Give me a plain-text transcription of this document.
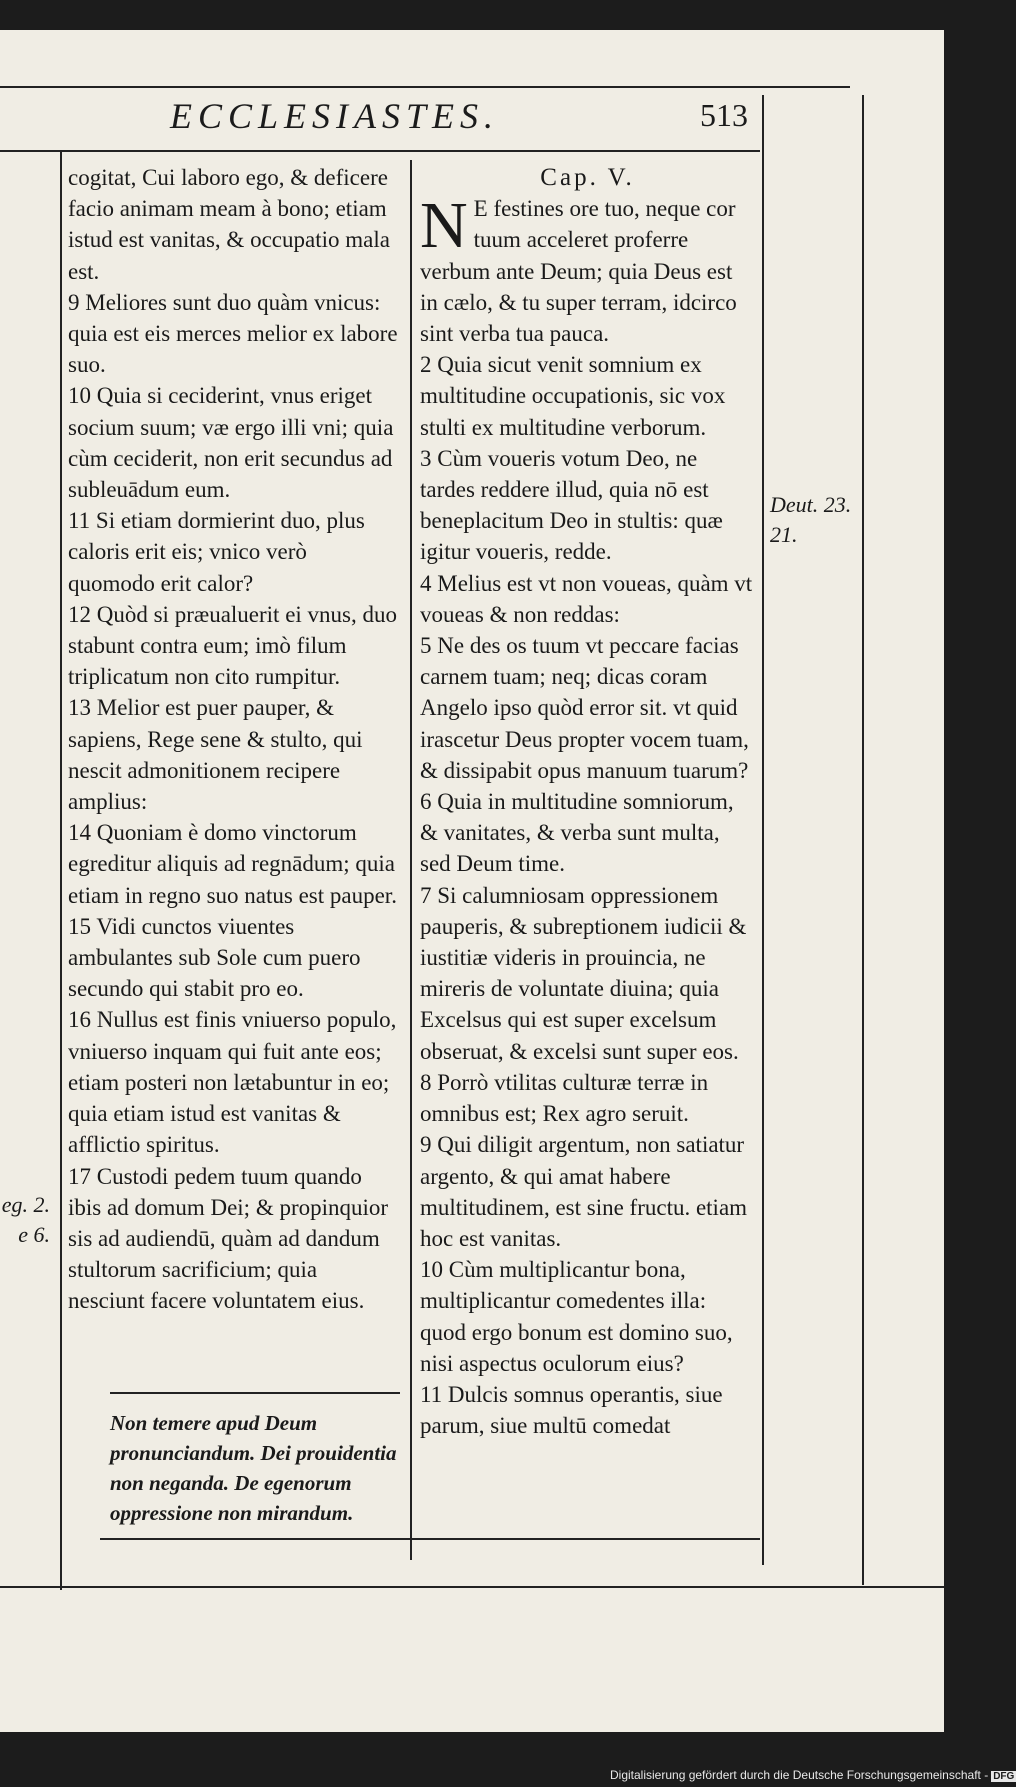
ECCLESIASTES.	513

cogitat, Cui laboro ego, & deficere facio animam meam à bono; etiam istud est vanitas, & occupatio mala est.

9 Meliores sunt duo quàm vnicus: quia est eis merces melior ex labore suo.

10 Quia si ceciderint, vnus eriget socium suum; væ ergo illi vni; quia cùm ceciderit, non erit secundus ad subleuādum eum.

11 Si etiam dormierint duo, plus caloris erit eis; vnico verò quomodo erit calor?

12 Quòd si præualuerit ei vnus, duo stabunt contra eum; imò filum triplicatum non cito rumpitur.

13 Melior est puer pauper, & sapiens, Rege sene & stulto, qui nescit admonitionem recipere amplius:

14 Quoniam è domo vinctorum egreditur aliquis ad regnādum; quia etiam in regno suo natus est pauper.

15 Vidi cunctos viuentes ambulantes sub Sole cum puero secundo qui stabit pro eo.

16 Nullus est finis vniuerso populo, vniuerso inquam qui fuit ante eos; etiam posteri non lætabuntur in eo; quia etiam istud est vanitas & afflictio spiritus.

17 Custodi pedem tuum quando ibis ad domum Dei; & propinquior sis ad audiendū, quàm ad dandum stultorum sacrificium; quia nesciunt facere voluntatem eius.

Non temere apud Deum pronunciandum. Dei prouidentia non neganda. De egenorum oppressione non mirandum.

Cap. V.

N E festines ore tuo, neque cor tuum acceleret proferre verbum ante Deum; quia Deus est in cælo, & tu super terram, idcirco sint verba tua pauca.

2 Quia sicut venit somnium ex multitudine occupationis, sic vox stulti ex multitudine verborum.

3 Cùm voueris votum Deo, ne tardes reddere illud, quia nō est beneplacitum Deo in stultis: quæ igitur voueris, redde.

4 Melius est vt non voueas, quàm vt voueas & non reddas:

5 Ne des os tuum vt peccare facias carnem tuam; neq; dicas coram Angelo ipso quòd error sit. vt quid irascetur Deus propter vocem tuam, & dissipabit opus manuum tuarum?

6 Quia in multitudine somniorum, & vanitates, & verba sunt multa, sed Deum time.

7 Si calumniosam oppressionem pauperis, & subreptionem iudicii & iustitiæ videris in prouincia, ne mireris de voluntate diuina; quia Excelsus qui est super excelsum obseruat, & excelsi sunt super eos.

8 Porrò vtilitas culturæ terræ in omnibus est; Rex agro seruit.

9 Qui diligit argentum, non satiatur argento, & qui amat habere multitudinem, est sine fructu. etiam hoc est vanitas.

10 Cùm multiplicantur bona, multiplicantur comedentes illa: quod ergo bonum est domino suo, nisi aspectus oculorum eius?

11 Dulcis somnus operantis, siue parum, siue multū comedat

Deut. 23. 21.
eg. 2. e 6.
Digitalisierung gefördert durch die Deutsche Forschungsgemeinschaft - DFG
